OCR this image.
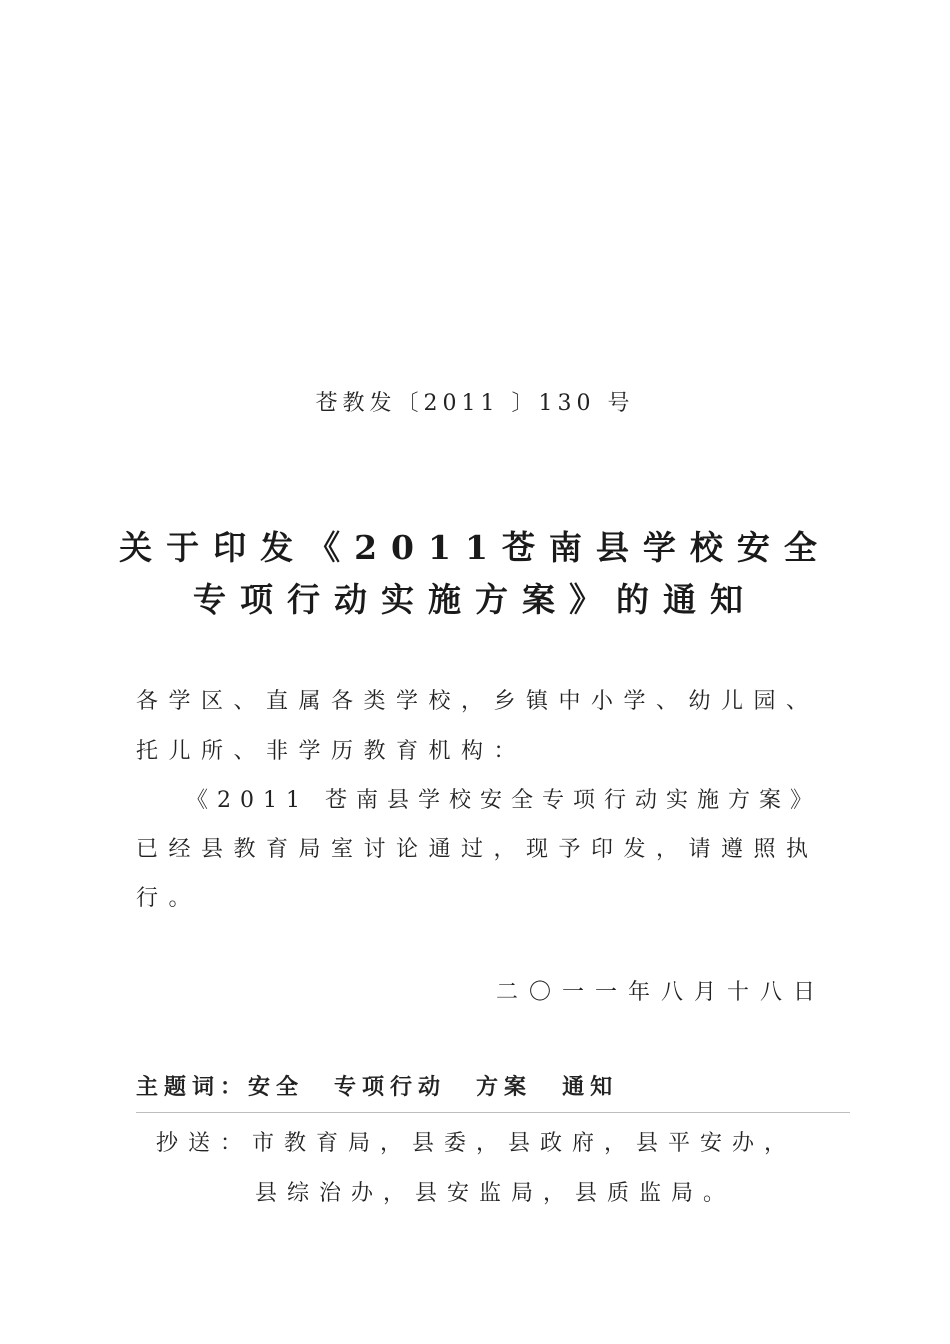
苍教发〔2011 〕130 号
关于印发《2011苍南县学校安全
专项行动实施方案》的通知
各学区、直属各类学校，乡镇中小学、幼儿园、
托儿所、非学历教育机构：
《2011 苍南县学校安全专项行动实施方案》
已经县教育局室讨论通过，现予印发，请遵照执
行。
二〇一一年八月十八日
主题词：安全 专项行动 方案 通知
抄送：市教育局，县委，县政府，县平安办，
县综治办，县安监局，县质监局。
